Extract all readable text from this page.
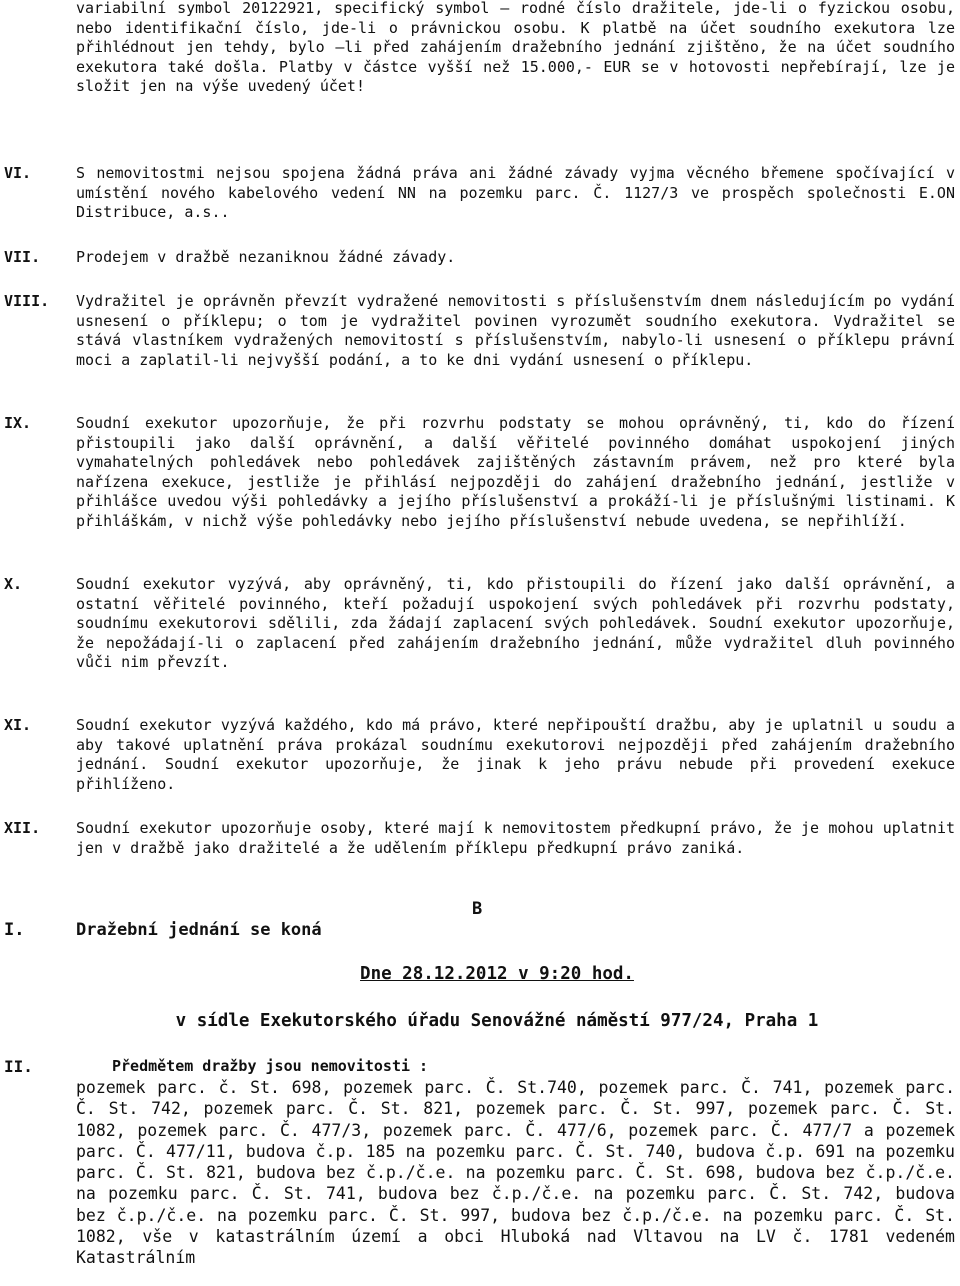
variabilní symbol 20122921, specifický symbol – rodné číslo dražitele, jde-li o fyzickou osobu, nebo identifikační číslo, jde-li o právnickou osobu. K platbě na účet soudního exekutora lze přihlédnout jen tehdy, bylo –li před zahájením dražebního jednání zjištěno, že na účet soudního exekutora také došla. Platby v částce vyšší než 15.000,- EUR se v hotovosti nepřebírají, lze je složit jen na výše uvedený účet!
VI.	S nemovitostmi nejsou spojena žádná práva ani žádné závady vyjma věcného břemene spočívající v umístění nového kabelového vedení NN na pozemku parc. Č. 1127/3 ve prospěch společnosti E.ON Distribuce, a.s..
VII. Prodejem v dražbě nezaniknou žádné závady.
VIII. Vydražitel je oprávněn převzít vydražené nemovitosti s příslušenstvím dnem následujícím po vydání usnesení o příklepu; o tom je vydražitel povinen vyrozumět soudního exekutora. Vydražitel se stává vlastníkem vydražených nemovitostí s příslušenstvím, nabylo-li usnesení o příklepu právní moci a zaplatil-li nejvyšší podání, a to ke dni vydání usnesení o příklepu.
IX.	Soudní exekutor upozorňuje, že při rozvrhu podstaty se mohou oprávněný, ti, kdo do řízení přistoupili jako další oprávnění, a další věřitelé povinného domáhat uspokojení jiných vymahatelných pohledávek nebo pohledávek zajištěných zástavním právem, než pro které byla nařízena exekuce, jestliže je přihlásí nejpozději do zahájení dražebního jednání, jestliže v přihlášce uvedou výši pohledávky a jejího příslušenství a prokáží-li je příslušnými listinami. K přihláškám, v nichž výše pohledávky nebo jejího příslušenství nebude uvedena, se nepřihlíží.
X.	Soudní exekutor vyzývá, aby oprávněný, ti, kdo přistoupili do řízení jako další oprávnění, a ostatní věřitelé povinného, kteří požadují uspokojení svých pohledávek při rozvrhu podstaty, soudnímu exekutorovi sdělili, zda žádají zaplacení svých pohledávek. Soudní exekutor upozorňuje, že nepožádají-li o zaplacení před zahájením dražebního jednání, může vydražitel dluh povinného vůči nim převzít.
XI.	Soudní exekutor vyzývá každého, kdo má právo, které nepřipouští dražbu, aby je uplatnil u soudu a aby takové uplatnění práva prokázal soudnímu exekutorovi nejpozději před zahájením dražebního jednání. Soudní exekutor upozorňuje, že jinak k jeho právu nebude při provedení exekuce přihlíženo.
XII. Soudní exekutor upozorňuje osoby, které mají k nemovitostem předkupní právo, že je mohou uplatnit jen v dražbě jako dražitelé a že udělením příklepu předkupní právo zaniká.
B
I.	Dražební jednání se koná
Dne 28.12.2012 v 9:20 hod.
v sídle Exekutorského úřadu Senovážné náměstí 977/24, Praha 1
II.	Předmětem dražby jsou nemovitosti :
pozemek parc. č. St. 698, pozemek parc. Č. St.740, pozemek parc. Č. 741, pozemek parc. Č. St. 742, pozemek parc. Č. St. 821, pozemek parc. Č. St. 997, pozemek parc. Č. St. 1082, pozemek parc. Č. 477/3, pozemek parc. Č. 477/6, pozemek parc. Č. 477/7 a pozemek parc. Č. 477/11, budova č.p. 185 na pozemku parc. Č. St. 740, budova č.p. 691 na pozemku parc. Č. St. 821, budova bez č.p./č.e. na pozemku parc. Č. St. 698, budova bez č.p./č.e. na pozemku parc. Č. St. 741, budova bez č.p./č.e. na pozemku parc. Č. St. 742, budova bez č.p./č.e. na pozemku parc. Č. St. 997, budova bez č.p./č.e. na pozemku parc. Č. St. 1082, vše v katastrálním území a obci Hluboká nad Vltavou na LV č. 1781 vedeném Katastrálním
